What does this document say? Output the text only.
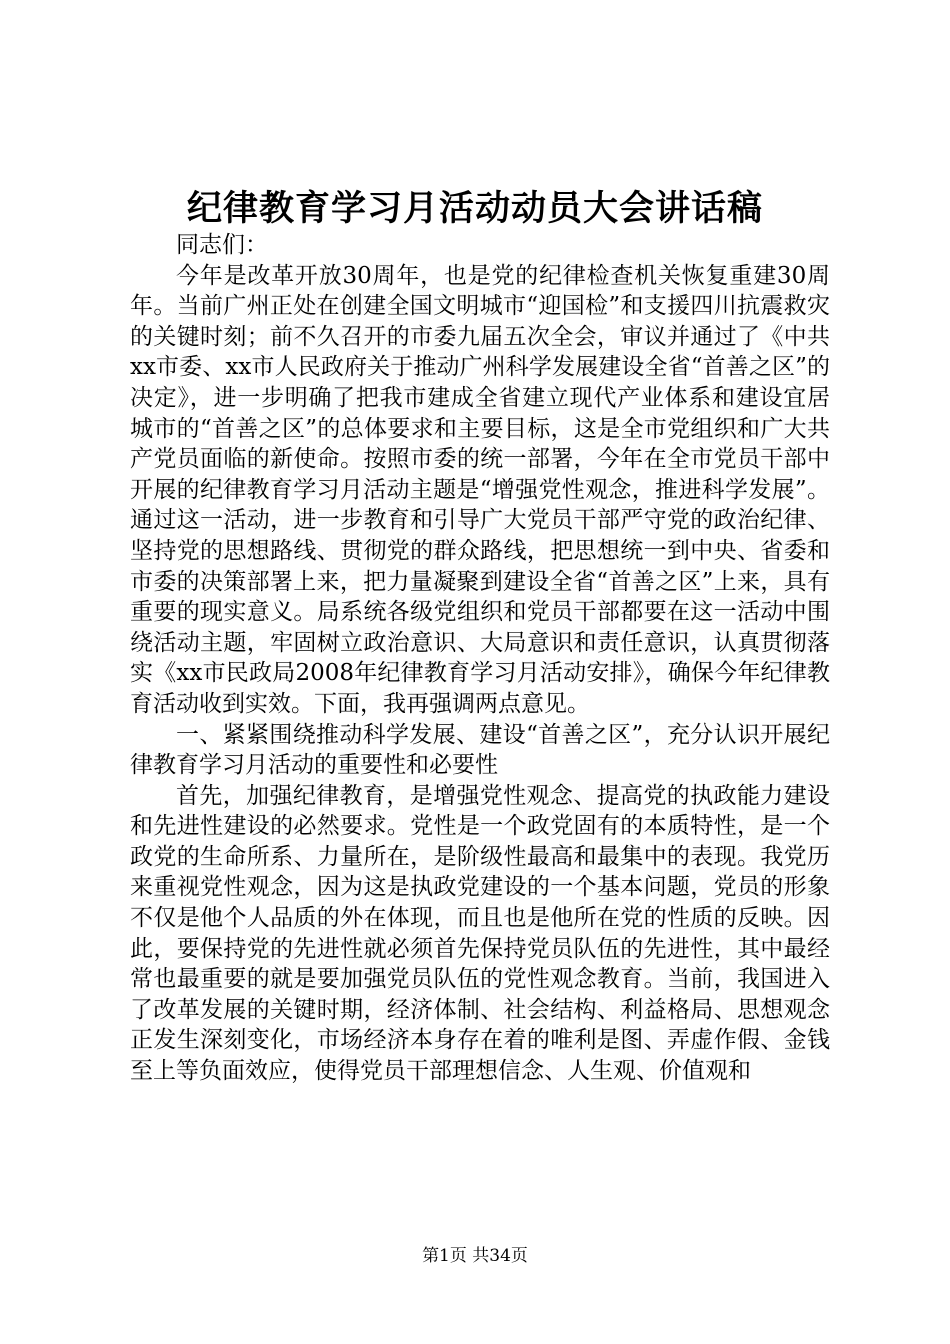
纪律教育学习月活动动员大会讲话稿

同志们：

今年是改革开放30周年，也是党的纪律检查机关恢复重建30周年。当前广州正处在创建全国文明城市“迎国检”和支援四川抗震救灾的关键时刻；前不久召开的市委九届五次全会，审议并通过了《中共xx市委、xx市人民政府关于推动广州科学发展建设全省“首善之区”的决定》，进一步明确了把我市建成全省建立现代产业体系和建设宜居城市的“首善之区”的总体要求和主要目标，这是全市党组织和广大共产党员面临的新使命。按照市委的统一部署，今年在全市党员干部中开展的纪律教育学习月活动主题是“增强党性观念，推进科学发展”。通过这一活动，进一步教育和引导广大党员干部严守党的政治纪律、坚持党的思想路线、贯彻党的群众路线，把思想统一到中央、省委和市委的决策部署上来，把力量凝聚到建设全省“首善之区”上来，具有重要的现实意义。局系统各级党组织和党员干部都要在这一活动中围绕活动主题，牢固树立政治意识、大局意识和责任意识，认真贯彻落实《xx市民政局2008年纪律教育学习月活动安排》，确保今年纪律教育活动收到实效。下面，我再强调两点意见。

一、紧紧围绕推动科学发展、建设“首善之区”，充分认识开展纪律教育学习月活动的重要性和必要性

首先，加强纪律教育，是增强党性观念、提高党的执政能力建设和先进性建设的必然要求。党性是一个政党固有的本质特性，是一个政党的生命所系、力量所在，是阶级性最高和最集中的表现。我党历来重视党性观念，因为这是执政党建设的一个基本问题，党员的形象不仅是他个人品质的外在体现，而且也是他所在党的性质的反映。因此，要保持党的先进性就必须首先保持党员队伍的先进性，其中最经常也最重要的就是要加强党员队伍的党性观念教育。当前，我国进入了改革发展的关键时期，经济体制、社会结构、利益格局、思想观念正发生深刻变化，市场经济本身存在着的唯利是图、弄虚作假、金钱至上等负面效应，使得党员干部理想信念、人生观、价值观和

第1页 共34页
